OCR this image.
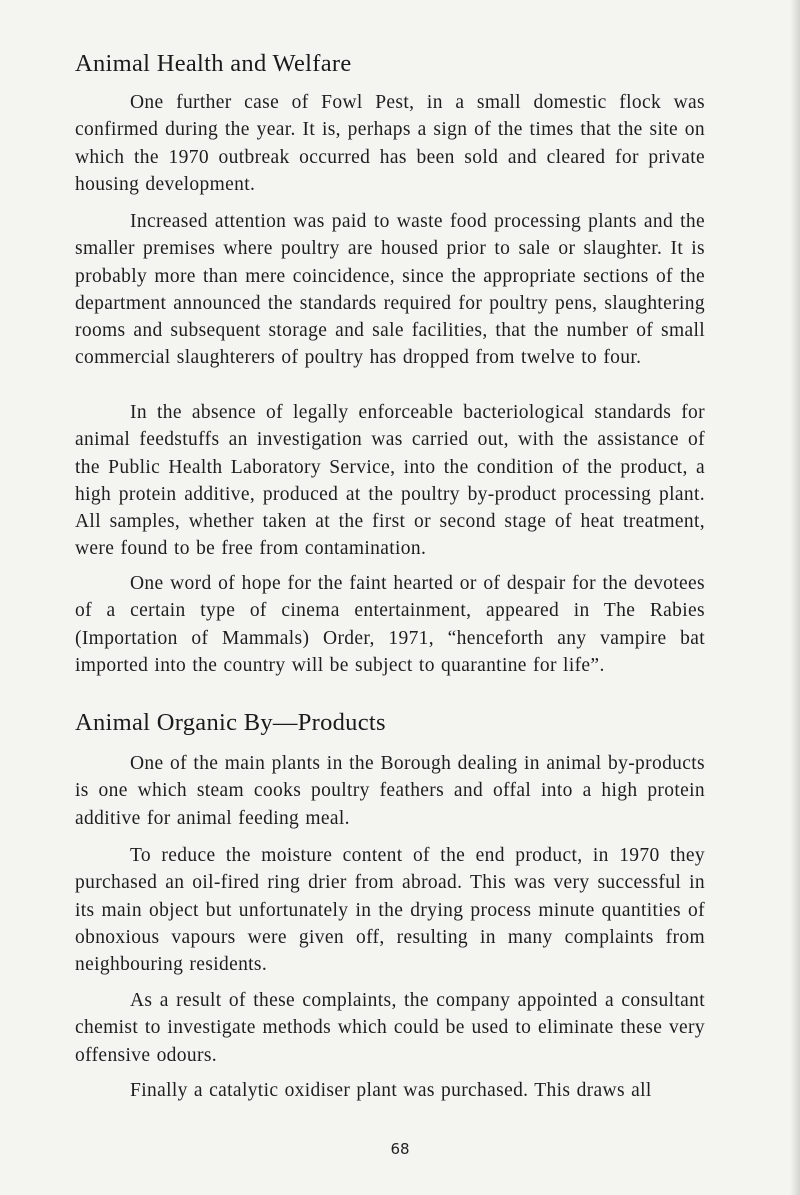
Animal Health and Welfare

One further case of Fowl Pest, in a small domestic flock was confirmed during the year. It is, perhaps a sign of the times that the site on which the 1970 outbreak occurred has been sold and cleared for private housing development.

Increased attention was paid to waste food processing plants and the smaller premises where poultry are housed prior to sale or slaughter. It is probably more than mere coincidence, since the appropriate sections of the department announced the standards required for poultry pens, slaughtering rooms and subsequent storage and sale facilities, that the number of small commercial slaughterers of poultry has dropped from twelve to four.

In the absence of legally enforceable bacteriological standards for animal feedstuffs an investigation was carried out, with the assistance of the Public Health Laboratory Service, into the condition of the product, a high protein additive, produced at the poultry by-product processing plant. All samples, whether taken at the first or second stage of heat treatment, were found to be free from contamination.

One word of hope for the faint hearted or of despair for the devotees of a certain type of cinema entertainment, appeared in The Rabies (Importation of Mammals) Order, 1971, “henceforth any vampire bat imported into the country will be subject to quarantine for life”.

Animal Organic By—Products

One of the main plants in the Borough dealing in animal by-products is one which steam cooks poultry feathers and offal into a high protein additive for animal feeding meal.

To reduce the moisture content of the end product, in 1970 they purchased an oil-fired ring drier from abroad. This was very successful in its main object but unfortunately in the drying process minute quantities of obnoxious vapours were given off, resulting in many complaints from neighbouring residents.

As a result of these complaints, the company appointed a consultant chemist to investigate methods which could be used to eliminate these very offensive odours.

Finally a catalytic oxidiser plant was purchased. This draws all

68
